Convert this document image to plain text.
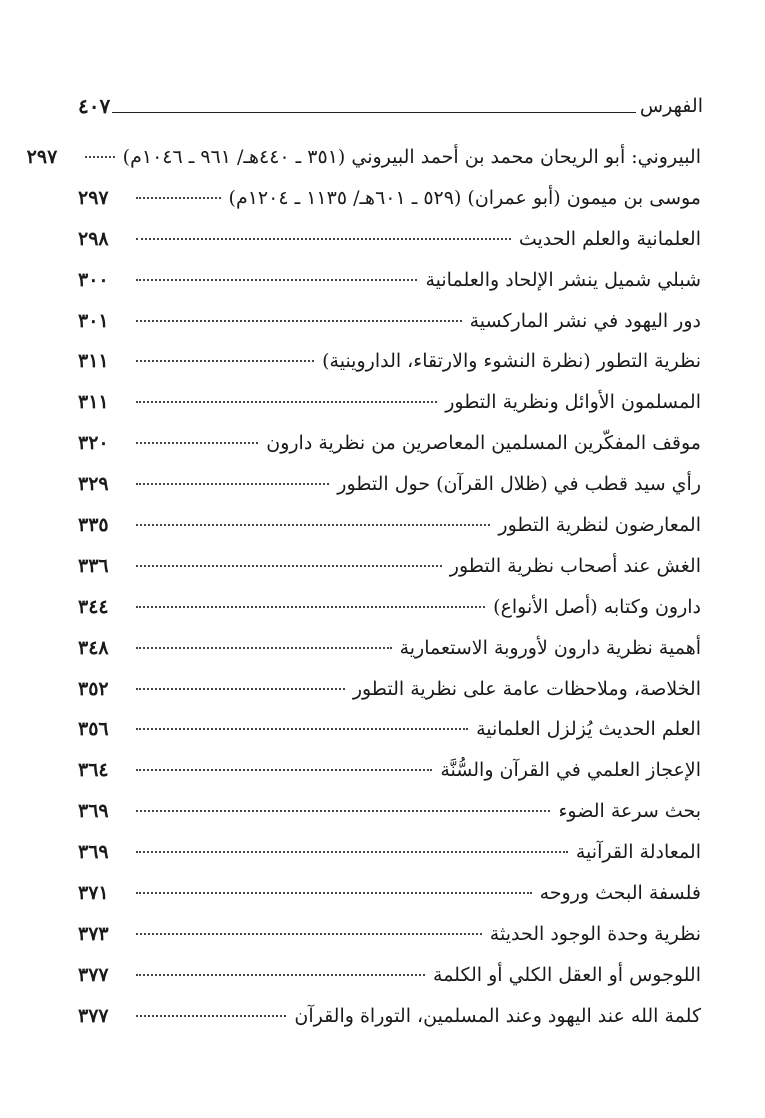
الفهرس
٤٠٧
البيروني: أبو الريحان محمد بن أحمد البيروني (٣٥١ ـ ٤٤٠هـ/ ٩٦١ ـ ١٠٤٦م)
٢٩٧
موسى بن ميمون (أبو عمران) (٥٢٩ ـ ٦٠١هـ/ ١١٣٥ ـ ١٢٠٤م)
٢٩٧
العلمانية والعلم الحديث
٢٩٨
شبلي شميل ينشر الإلحاد والعلمانية
٣٠٠
دور اليهود في نشر الماركسية
٣٠١
نظرية التطور (نظرة النشوء والارتقاء، الداروينية)
٣١١
المسلمون الأوائل ونظرية التطور
٣١١
موقف المفكّرين المسلمين المعاصرين من نظرية دارون
٣٢٠
رأي سيد قطب في (ظلال القرآن) حول التطور
٣٢٩
المعارضون لنظرية التطور
٣٣٥
الغش عند أصحاب نظرية التطور
٣٣٦
دارون وكتابه (أصل الأنواع)
٣٤٤
أهمية نظرية دارون لأوروبة الاستعمارية
٣٤٨
الخلاصة، وملاحظات عامة على نظرية التطور
٣٥٢
العلم الحديث يُزلزل العلمانية
٣٥٦
الإعجاز العلمي في القرآن والسُّنَّة
٣٦٤
بحث سرعة الضوء
٣٦٩
المعادلة القرآنية
٣٦٩
فلسفة البحث وروحه
٣٧١
نظرية وحدة الوجود الحديثة
٣٧٣
اللوجوس أو العقل الكلي أو الكلمة
٣٧٧
كلمة الله عند اليهود وعند المسلمين، التوراة والقرآن
٣٧٧
